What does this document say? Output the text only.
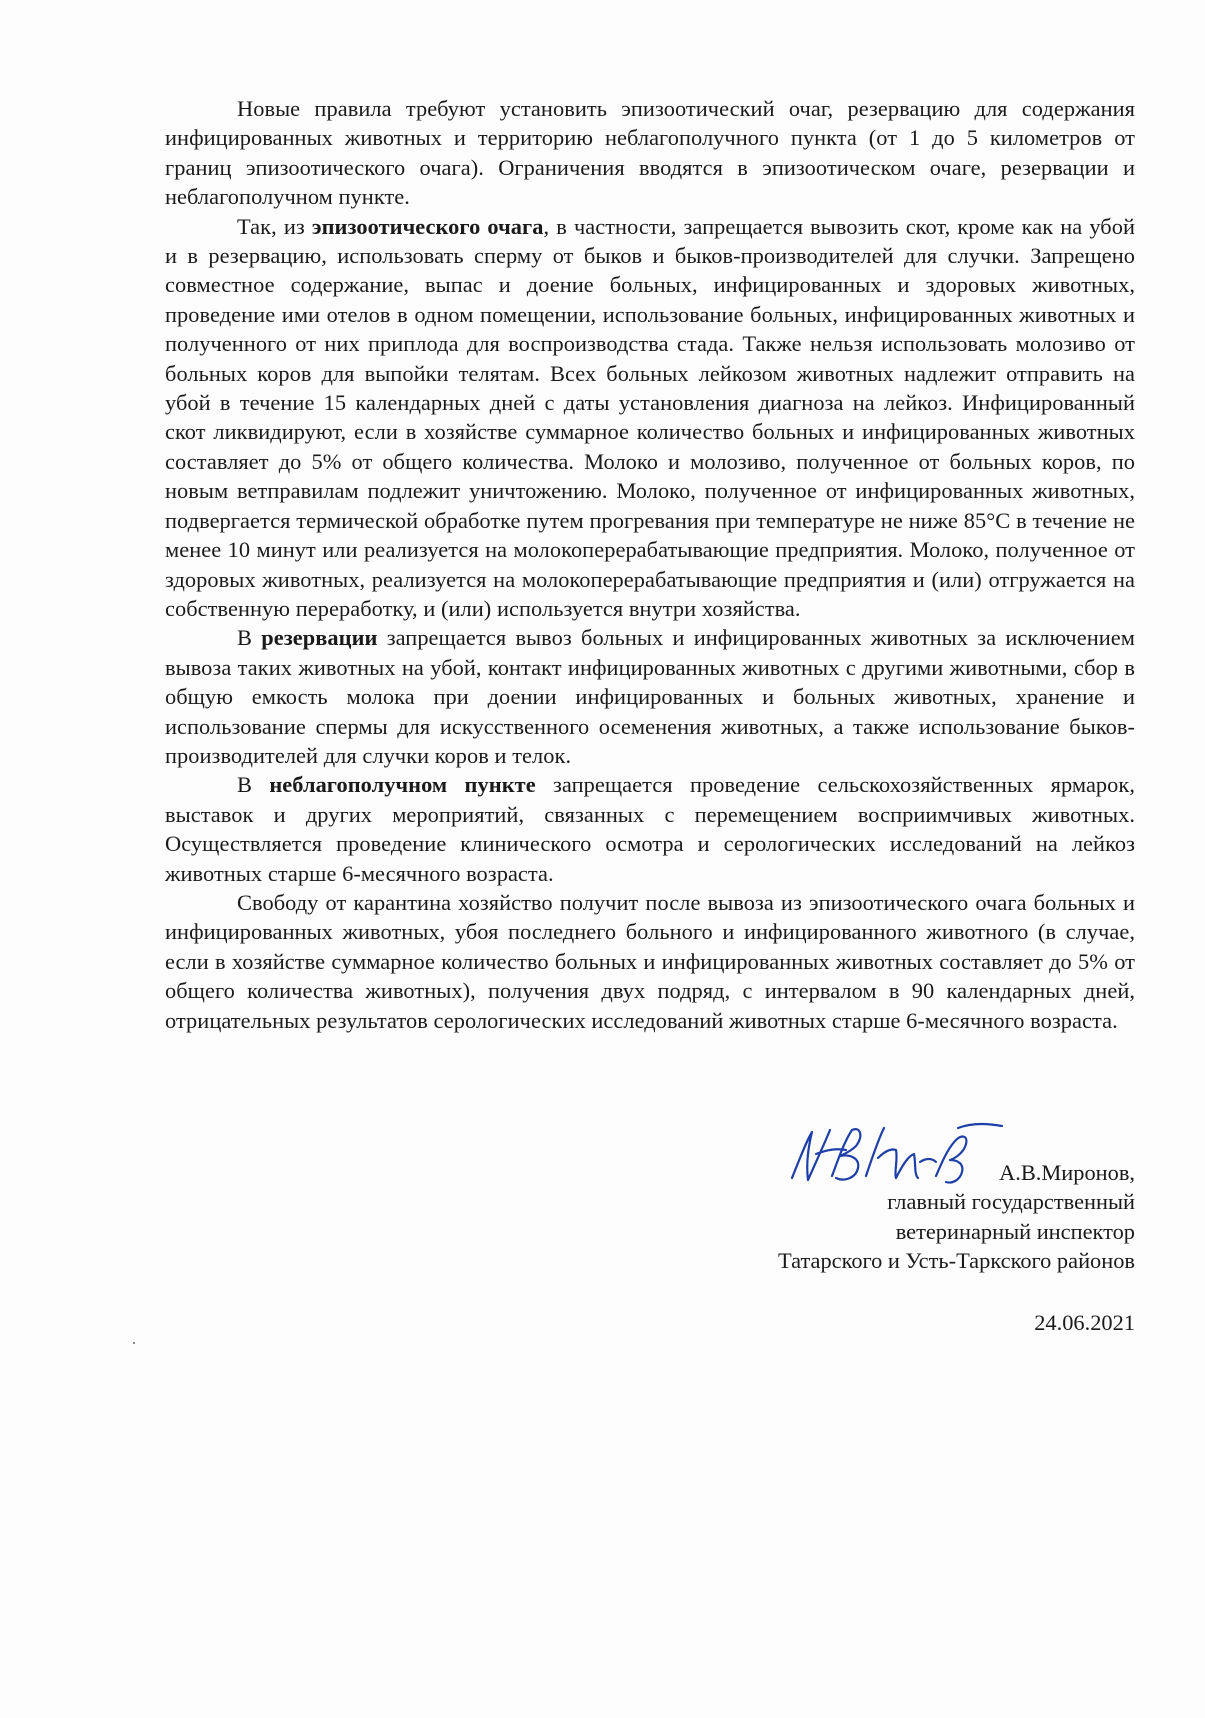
Новые правила требуют установить эпизоотический очаг, резервацию для содержания инфицированных животных и территорию неблагополучного пункта (от 1 до 5 километров от границ эпизоотического очага). Ограничения вводятся в эпизоотическом очаге, резервации и неблагополучном пункте.

Так, из эпизоотического очага, в частности, запрещается вывозить скот, кроме как на убой и в резервацию, использовать сперму от быков и быков-производителей для случки. Запрещено совместное содержание, выпас и доение больных, инфицированных и здоровых животных, проведение ими отелов в одном помещении, использование больных, инфицированных животных и полученного от них приплода для воспроизводства стада. Также нельзя использовать молозиво от больных коров для выпойки телятам. Всех больных лейкозом животных надлежит отправить на убой в течение 15 календарных дней с даты установления диагноза на лейкоз. Инфицированный скот ликвидируют, если в хозяйстве суммарное количество больных и инфицированных животных составляет до 5% от общего количества. Молоко и молозиво, полученное от больных коров, по новым ветправилам подлежит уничтожению. Молоко, полученное от инфицированных животных, подвергается термической обработке путем прогревания при температуре не ниже 85°С в течение не менее 10 минут или реализуется на молокоперерабатывающие предприятия. Молоко, полученное от здоровых животных, реализуется на молокоперерабатывающие предприятия и (или) отгружается на собственную переработку, и (или) используется внутри хозяйства.

В резервации запрещается вывоз больных и инфицированных животных за исключением вывоза таких животных на убой, контакт инфицированных животных с другими животными, сбор в общую емкость молока при доении инфицированных и больных животных, хранение и использование спермы для искусственного осеменения животных, а также использование быков-производителей для случки коров и телок.

В неблагополучном пункте запрещается проведение сельскохозяйственных ярмарок, выставок и других мероприятий, связанных с перемещением восприимчивых животных. Осуществляется проведение клинического осмотра и серологических исследований на лейкоз животных старше 6-месячного возраста.

Свободу от карантина хозяйство получит после вывоза из эпизоотического очага больных и инфицированных животных, убоя последнего больного и инфицированного животного (в случае, если в хозяйстве суммарное количество больных и инфицированных животных составляет до 5% от общего количества животных), получения двух подряд, с интервалом в 90 календарных дней, отрицательных результатов серологических исследований животных старше 6-месячного возраста.

А.В.Миронов,
главный государственный
ветеринарный инспектор
Татарского и Усть-Таркского районов
24.06.2021
